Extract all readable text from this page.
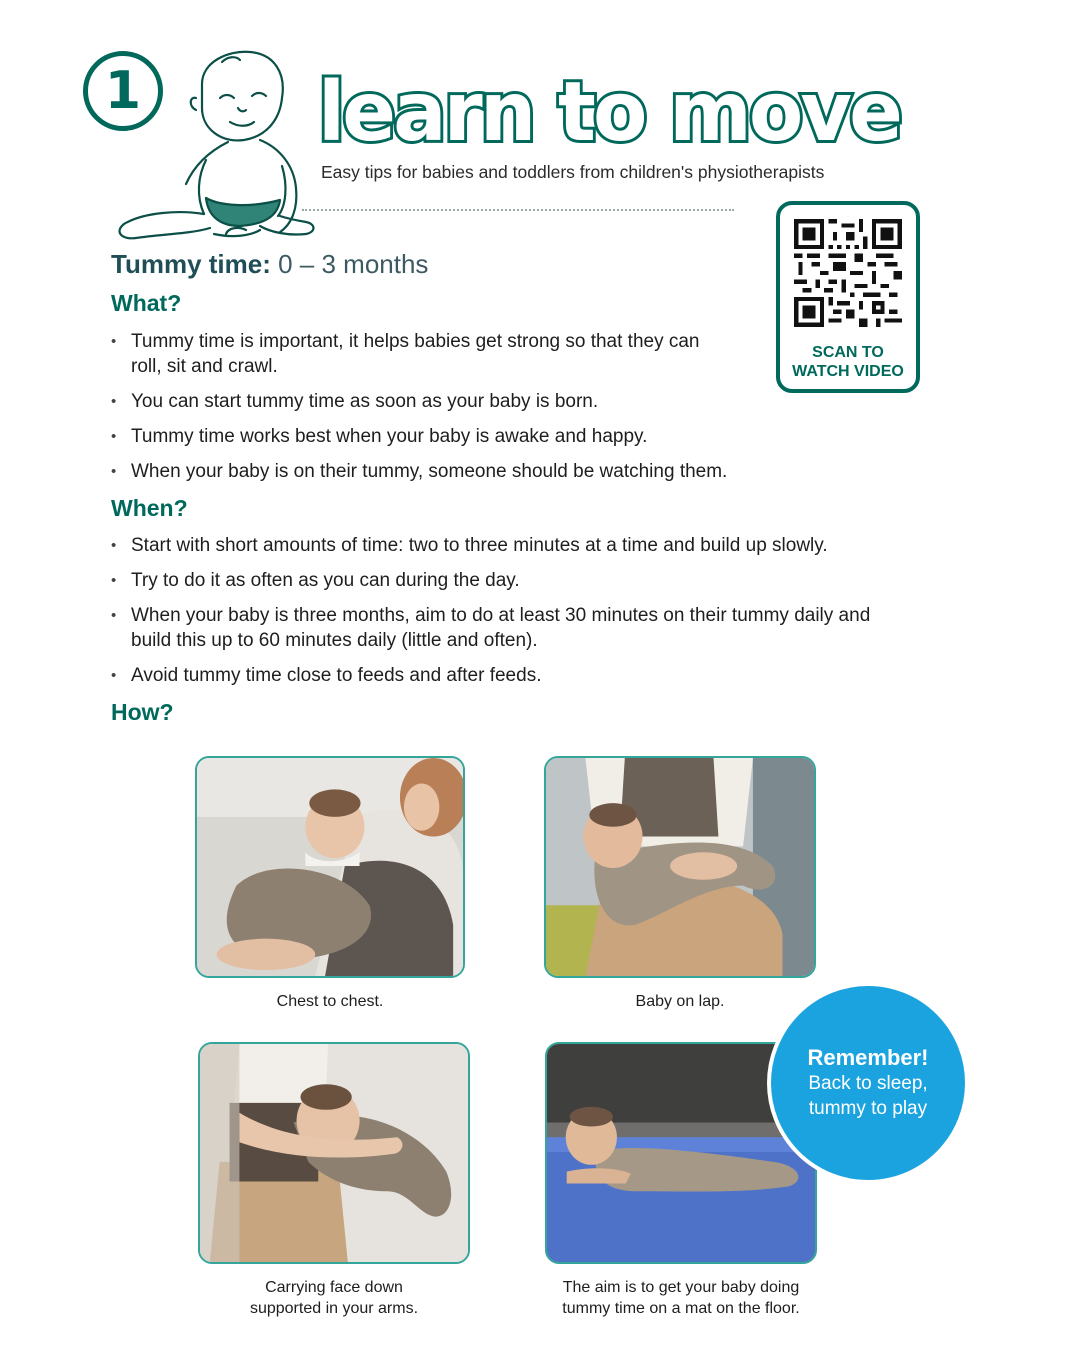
1 learn to move
Easy tips for babies and toddlers from children's physiotherapists
SCAN TO
WATCH VIDEO
Tummy time: 0 – 3 months
What?
• Tummy time is important, it helps babies get strong so that they can roll, sit and crawl.
• You can start tummy time as soon as your baby is born.
• Tummy time works best when your baby is awake and happy.
• When your baby is on their tummy, someone should be watching them.
When?
• Start with short amounts of time: two to three minutes at a time and build up slowly.
• Try to do it as often as you can during the day.
• When your baby is three months, aim to do at least 30 minutes on their tummy daily and build this up to 60 minutes daily (little and often).
• Avoid tummy time close to feeds and after feeds.
How?
Chest to chest.	Baby on lap.
Carrying face down
supported in your arms.
The aim is to get your baby doing
tummy time on a mat on the floor.
Remember!
Back to sleep,
tummy to play
